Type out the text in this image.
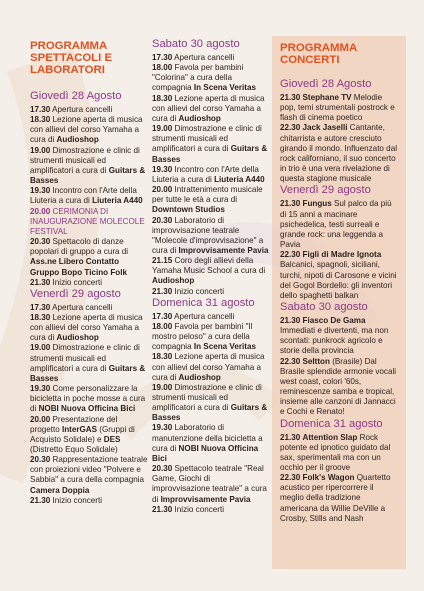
PROGRAMMA SPETTACOLI E LABORATORI
Giovedì 28 Agosto

17.30 Apertura cancelli

18.30 Lezione aperta di musica con allievi del corso Yamaha a cura di Audioshop

19.00 Dimostrazione e clinic di strumenti musicali ed amplificatori a cura di Guitars & Basses

19.30 Incontro con l'Arte della Liuteria a cura di Liuteria A440

20.00 CERIMONIA DI INAUGURAZIONE MOLECOLE FESTIVAL

20.30 Spettacolo di danze popolari di gruppo a cura di Ass.ne Libero Contatto Gruppo Bopo Ticino Folk

21.30 Inizio concerti

Venerdì 29 agosto

17.30 Apertura cancelli

18.30 Lezione aperta di musica con allievi del corso Yamaha a cura di Audioshop

19.00 Dimostrazione e clinic di strumenti musicali ed amplificatori a cura di Guitars & Basses

19.30 Come personalizzare la bicicletta in poche mosse a cura di NOBI Nuova Officina Bici

20.00 Presentazione del progetto InterGAS (Gruppi di Acquisto Solidale) e DES (Distretto Equo Solidale)

20.30 Rappresentazione teatrale con proiezioni video "Polvere e Sabbia" a cura della compagnia Camera Doppia

21.30 Inizio concerti

Sabato 30 agosto

17.30 Apertura cancelli

18.00 Favola per bambini "Colorina" a cura della compagnia In Scena Veritas

18.30 Lezione aperta di musica con allievi del corso Yamaha a cura di Audioshop

19.00 Dimostrazione e clinic di strumenti musicali ed amplificatori a cura di Guitars & Basses

19.30 Incontro con l'Arte della Liuteria a cura di Liuteria A440

20.00 Intrattenimento musicale per tutte le età a cura di Downtown Studios

20.30 Laboratorio di improvvisazione teatrale "Molecole d'improvvisazione" a cura di Improvvisamente Pavia

21.15 Coro degli allievi della Yamaha Music School a cura di Audioshop

21.30 Inizio concerti

Domenica 31 agosto

17.30 Apertura cancelli

18.00 Favola per bambini "Il mostro peloso" a cura della compagnia In Scena Veritas

18.30 Lezione aperta di musica con allievi del corso Yamaha a cura di Audioshop

19.00 Dimostrazione e clinic di strumenti musicali ed amplificatori a cura di Guitars & Basses

19.30 Laboratorio di manutenzione della bicicletta a cura di NOBI Nuova Officina Bici

20.30 Spettacolo teatrale "Real Game, Giochi di improvvisazione teatrale" a cura di Improvvisamente Pavia

21.30 Inizio concerti

PROGRAMMA CONCERTI
Giovedì 28 Agosto

21.30 Stephane TV Melodie pop, temi strumentali postrock e flash di cinema poetico

22.30 Jack Jaselli Cantante, chitarrista e autore cresciuto girando il mondo. Influenzato dal rock californiano, il suo concerto in trio è una vera rivelazione di questa stagione musicale

Venerdì 29 agosto

21.30 Fungus Sul palco da più di 15 anni a macinare psichedelica, testi surreali e grande rock: una leggenda a Pavia

22.30 Figli di Madre Ignota Balcanici, spagnoli, siciliani, turchi, nipoti di Carosone e vicini del Gogol Bordello: gli inventori dello spaghetti balkan

Sabato 30 agosto

21.30 Fiasco De Gama Immediati e divertenti, ma non scontati: punkrock agricolo e storie della provincia

22.30 Seltton (Brasile) Dal Brasile splendide armonie vocali west coast, colori '60s, reminescenze samba e tropical, insieme alle canzoni di Jannacci e Cochi e Renato!

Domenica 31 agosto

21.30 Attention Slap Rock potente ed ipnotico guidato dal sax, sperimentali ma con un occhio per il groove

22.30 Folk's Wagon Quartetto acustico per ripercorrere il meglio della tradizione americana da Willie DeVille a Crosby, Stills and Nash
